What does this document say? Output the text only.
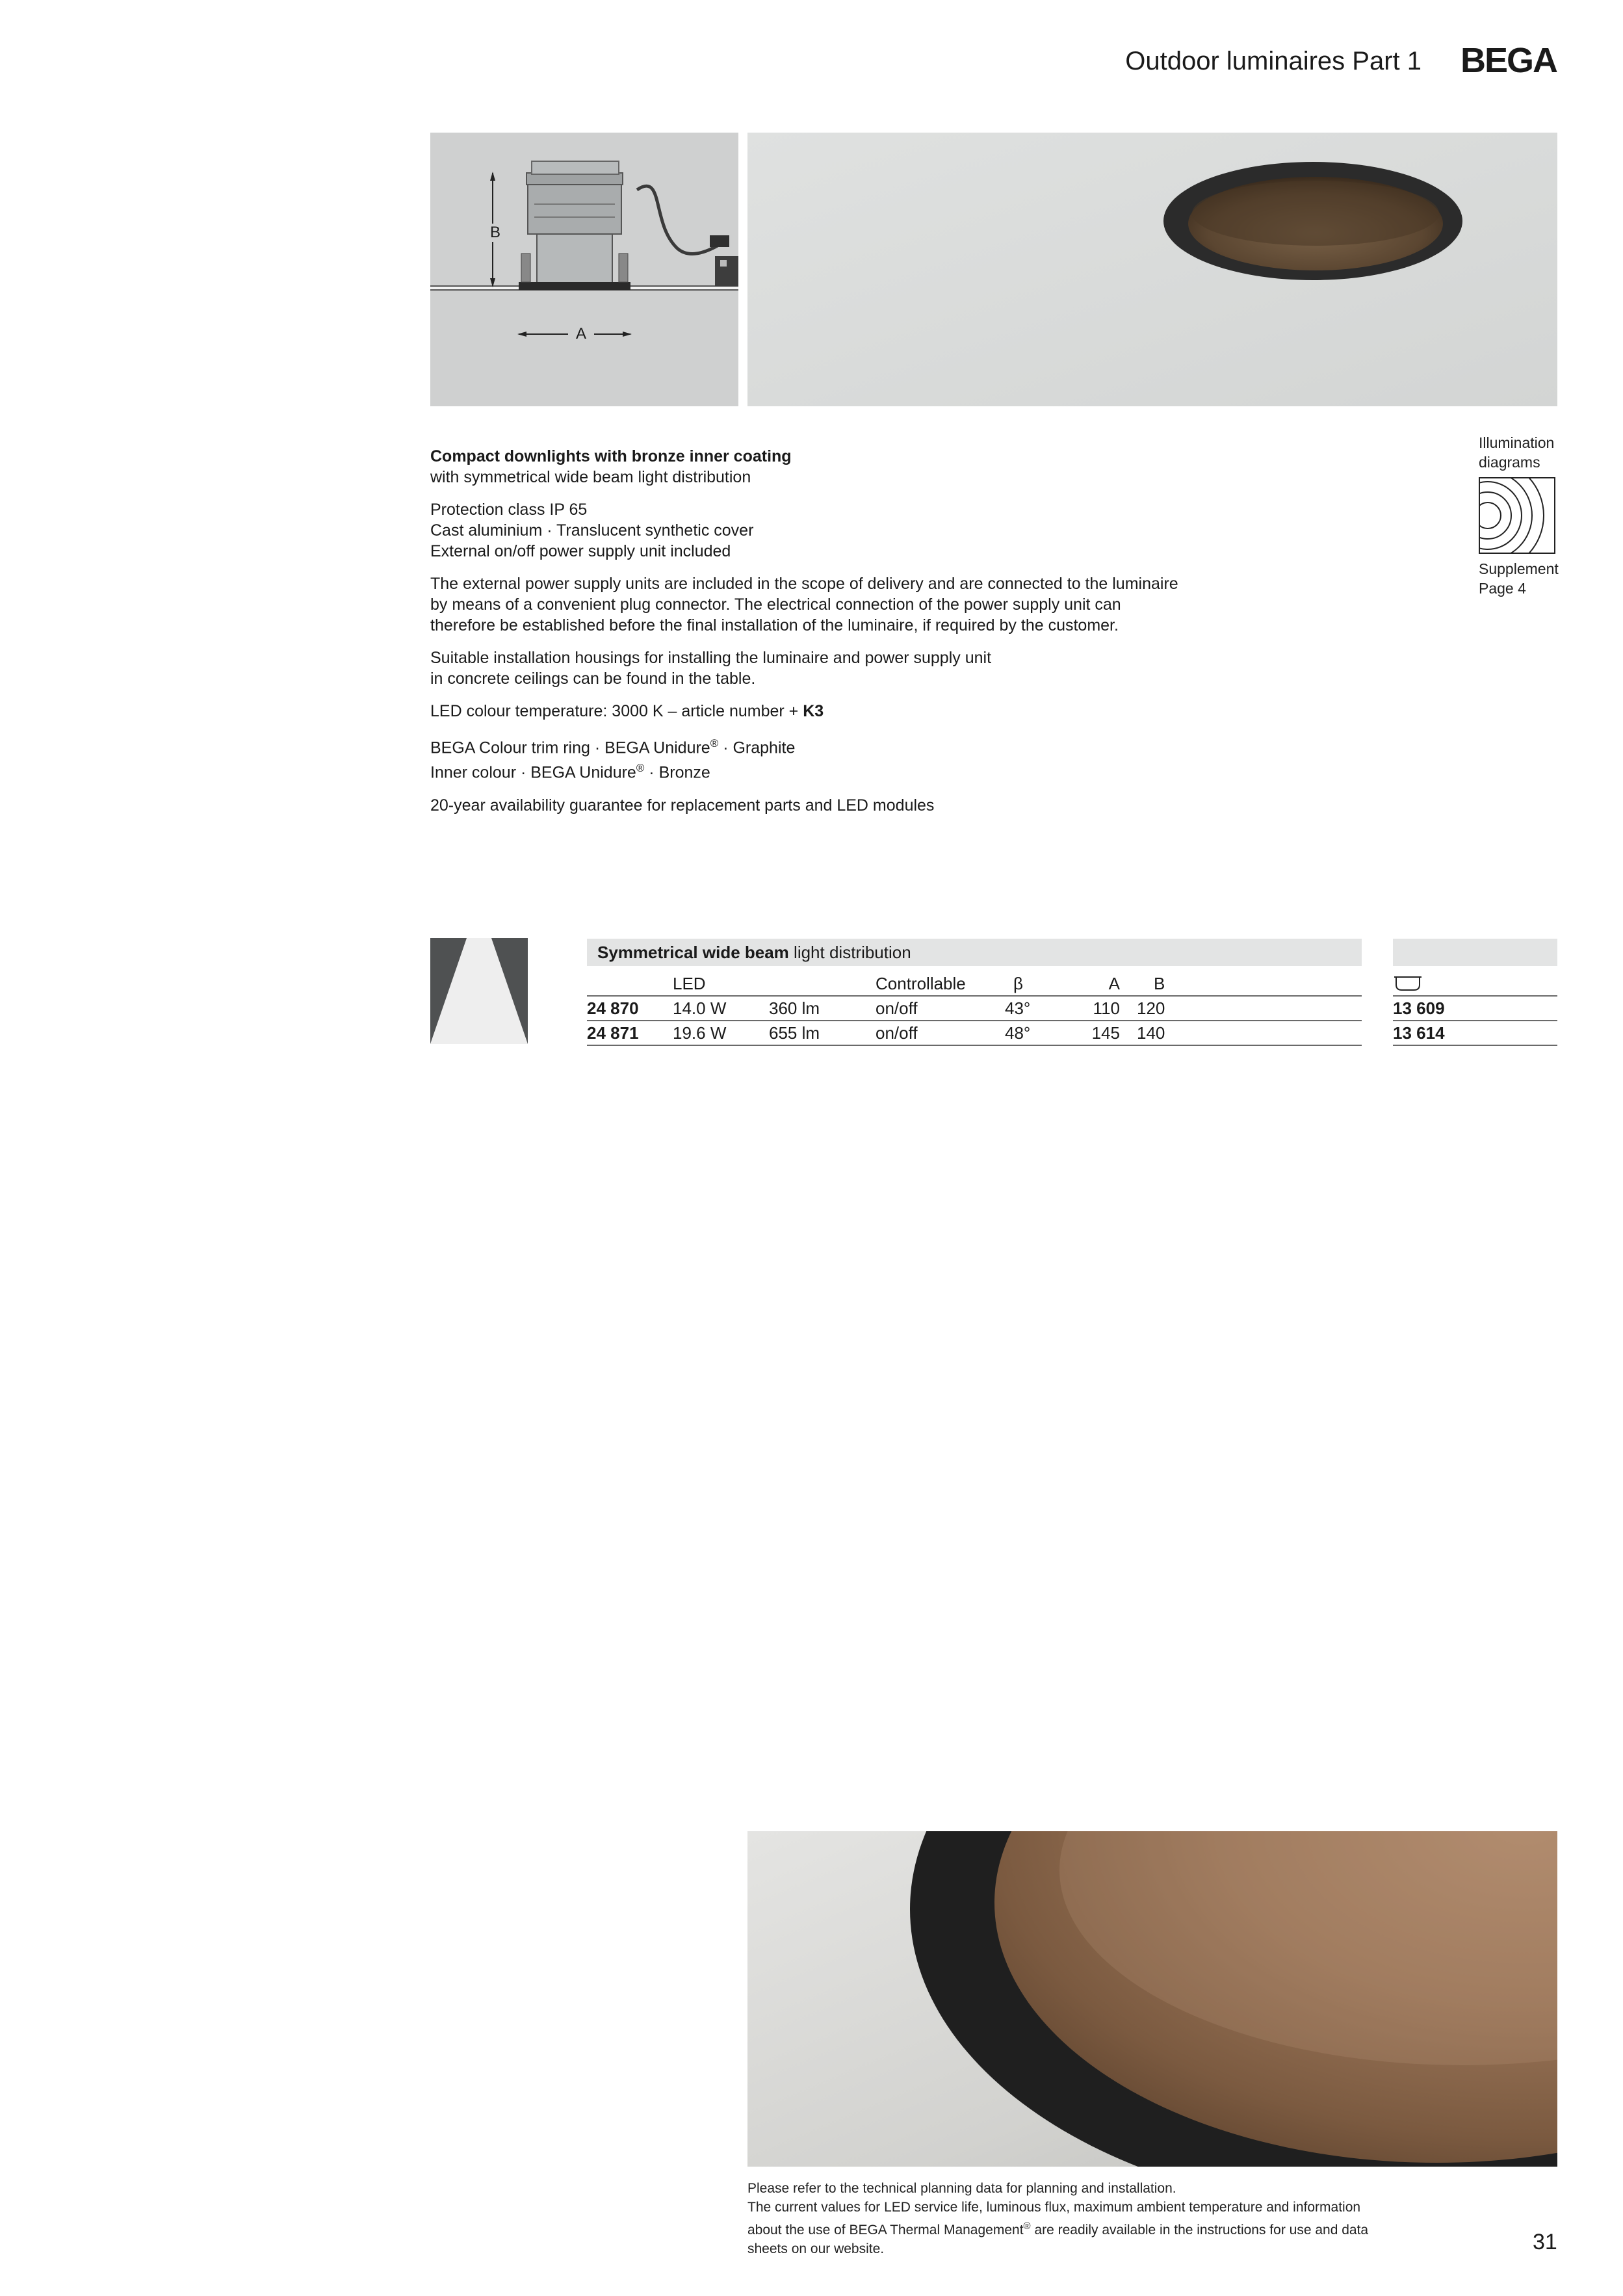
Outdoor luminaires Part 1 BEGA
B
A

Compact downlights with bronze inner coating
with symmetrical wide beam light distribution

Protection class IP 65
Cast aluminium · Translucent synthetic cover
External on/off power supply unit included

The external power supply units are included in the scope of delivery and are connected to the luminaire
by means of a convenient plug connector. The electrical connection of the power supply unit can
therefore be established before the final installation of the luminaire, if required by the customer.

Suitable installation housings for installing the luminaire and power supply unit
in concrete ceilings can be found in the table.

LED colour temperature: 3000 K – article number + K3

BEGA Colour trim ring · BEGA Unidure® · Graphite
Inner colour · BEGA Unidure® · Bronze

20-year availability guarantee for replacement parts and LED modules

Illumination
diagrams
Supplement
Page 4
Symmetrical wide beam light distribution
LED	Controllable	β	A B
24 870 14.0 W	360 lm	on/off	43°	110 120
24 871 19.6 W	655 lm	on/off	48°	145 140
13 609
13 614

Please refer to the technical planning data for planning and installation.

The current values for LED service life, luminous flux, maximum ambient temperature and information

about the use of BEGA Thermal Management® are readily available in the instructions for use and data

sheets on our website.	31
